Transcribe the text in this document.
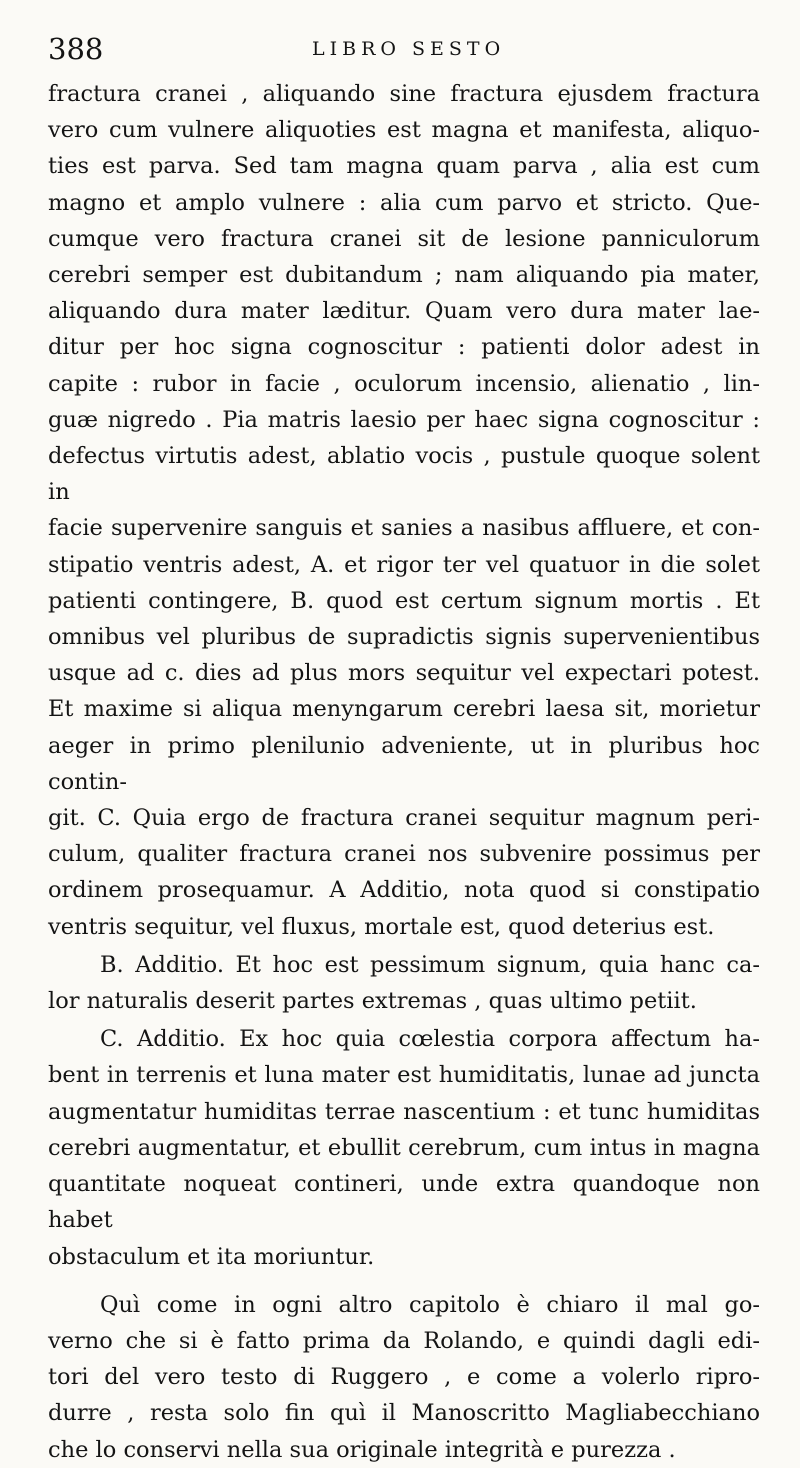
388	LIBRO SESTO
fractura cranei , aliquando sine fractura ejusdem fractura
vero cum vulnere aliquoties est magna et manifesta, aliquo-
ties est parva. Sed tam magna quam parva , alia est cum
magno et amplo vulnere : alia cum parvo et stricto. Que-
cumque vero fractura cranei sit de lesione panniculorum
cerebri semper est dubitandum ; nam aliquando pia mater,
aliquando dura mater læditur. Quam vero dura mater lae-
ditur per hoc signa cognoscitur : patienti dolor adest in
capite : rubor in facie , oculorum incensio, alienatio , lin-
guæ nigredo . Pia matris laesio per haec signa cognoscitur :
defectus virtutis adest, ablatio vocis , pustule quoque solent in
facie supervenire sanguis et sanies a nasibus affluere, et con-
stipatio ventris adest, A. et rigor ter vel quatuor in die solet
patienti contingere, B. quod est certum signum mortis . Et
omnibus vel pluribus de supradictis signis supervenientibus
usque ad c. dies ad plus mors sequitur vel expectari potest.
Et maxime si aliqua menyngarum cerebri laesa sit, morietur
aeger in primo plenilunio adveniente, ut in pluribus hoc contin-
git. C. Quia ergo de fractura cranei sequitur magnum peri-
culum, qualiter fractura cranei nos subvenire possimus per
ordinem prosequamur. A Additio, nota quod si constipatio
ventris sequitur, vel fluxus, mortale est, quod deterius est.
B. Additio. Et hoc est pessimum signum, quia hanc ca-
lor naturalis deserit partes extremas , quas ultimo petiit.
C. Additio. Ex hoc quia cœlestia corpora affectum ha-
bent in terrenis et luna mater est humiditatis, lunae ad juncta
augmentatur humiditas terrae nascentium : et tunc humiditas
cerebri augmentatur, et ebullit cerebrum, cum intus in magna
quantitate noqueat contineri, unde extra quandoque non habet
obstaculum et ita moriuntur.
Quì come in ogni altro capitolo è chiaro il mal go-
verno che si è fatto prima da Rolando, e quindi dagli edi-
tori del vero testo di Ruggero , e come a volerlo ripro-
durre , resta solo fin quì il Manoscritto Magliabecchiano
che lo conservi nella sua originale integrità e purezza .
